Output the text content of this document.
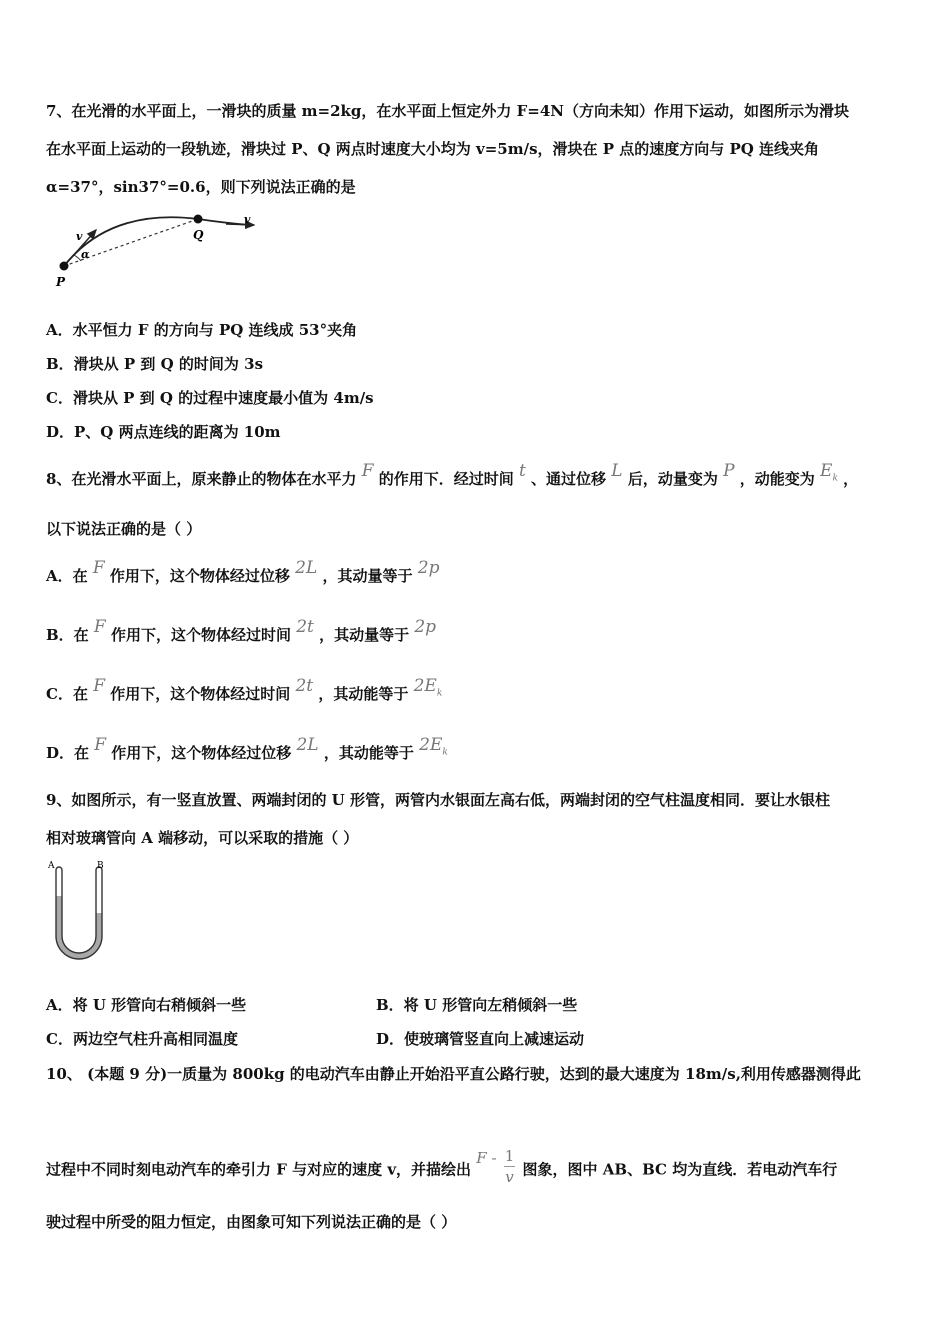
7、在光滑的水平面上，一滑块的质量 m=2kg，在水平面上恒定外力 F=4N（方向未知）作用下运动，如图所示为滑块
在水平面上运动的一段轨迹，滑块过 P、Q 两点时速度大小均为 v=5m/s，滑块在 P 点的速度方向与 PQ 连线夹角
α=37°，sin37°=0.6，则下列说法正确的是
v
α
Q
v
P
A．水平恒力 F 的方向与 PQ 连线成 53°夹角
B．滑块从 P 到 Q 的时间为 3s
C．滑块从 P 到 Q 的过程中速度最小值为 4m/s
D．P、Q 两点连线的距离为 10m
8、在光滑水平面上，原来静止的物体在水平力 F 的作用下．经过时间 t 、通过位移 L 后，动量变为 P ，动能变为 $E_k$ ，
以下说法正确的是（ ）
A．在 F 作用下，这个物体经过位移 2L ，其动量等于 2p
B．在 F 作用下，这个物体经过时间 2t ，其动量等于 2p
C．在 F 作用下，这个物体经过时间 2t ，其动能等于 $2E_k$
D．在 F 作用下，这个物体经过位移 2L ，其动能等于 $2E_k$
9、如图所示，有一竖直放置、两端封闭的 U 形管，两管内水银面左高右低，两端封闭的空气柱温度相同．要让水银柱
相对玻璃管向 A 端移动，可以采取的措施（ ）
A	B
A．将 U 形管向右稍倾斜一些	B．将 U 形管向左稍倾斜一些
C．两边空气柱升高相同温度	D．使玻璃管竖直向上减速运动
10、 (本题 9 分)一质量为 800kg 的电动汽车由静止开始沿平直公路行驶，达到的最大速度为 18m/s,利用传感器测得此
过程中不同时刻电动汽车的牵引力 F 与对应的速度 v，并描绘出 F - $\frac{1}{v}$ 图象，图中 AB、BC 均为直线．若电动汽车行
驶过程中所受的阻力恒定，由图象可知下列说法正确的是（ ）
